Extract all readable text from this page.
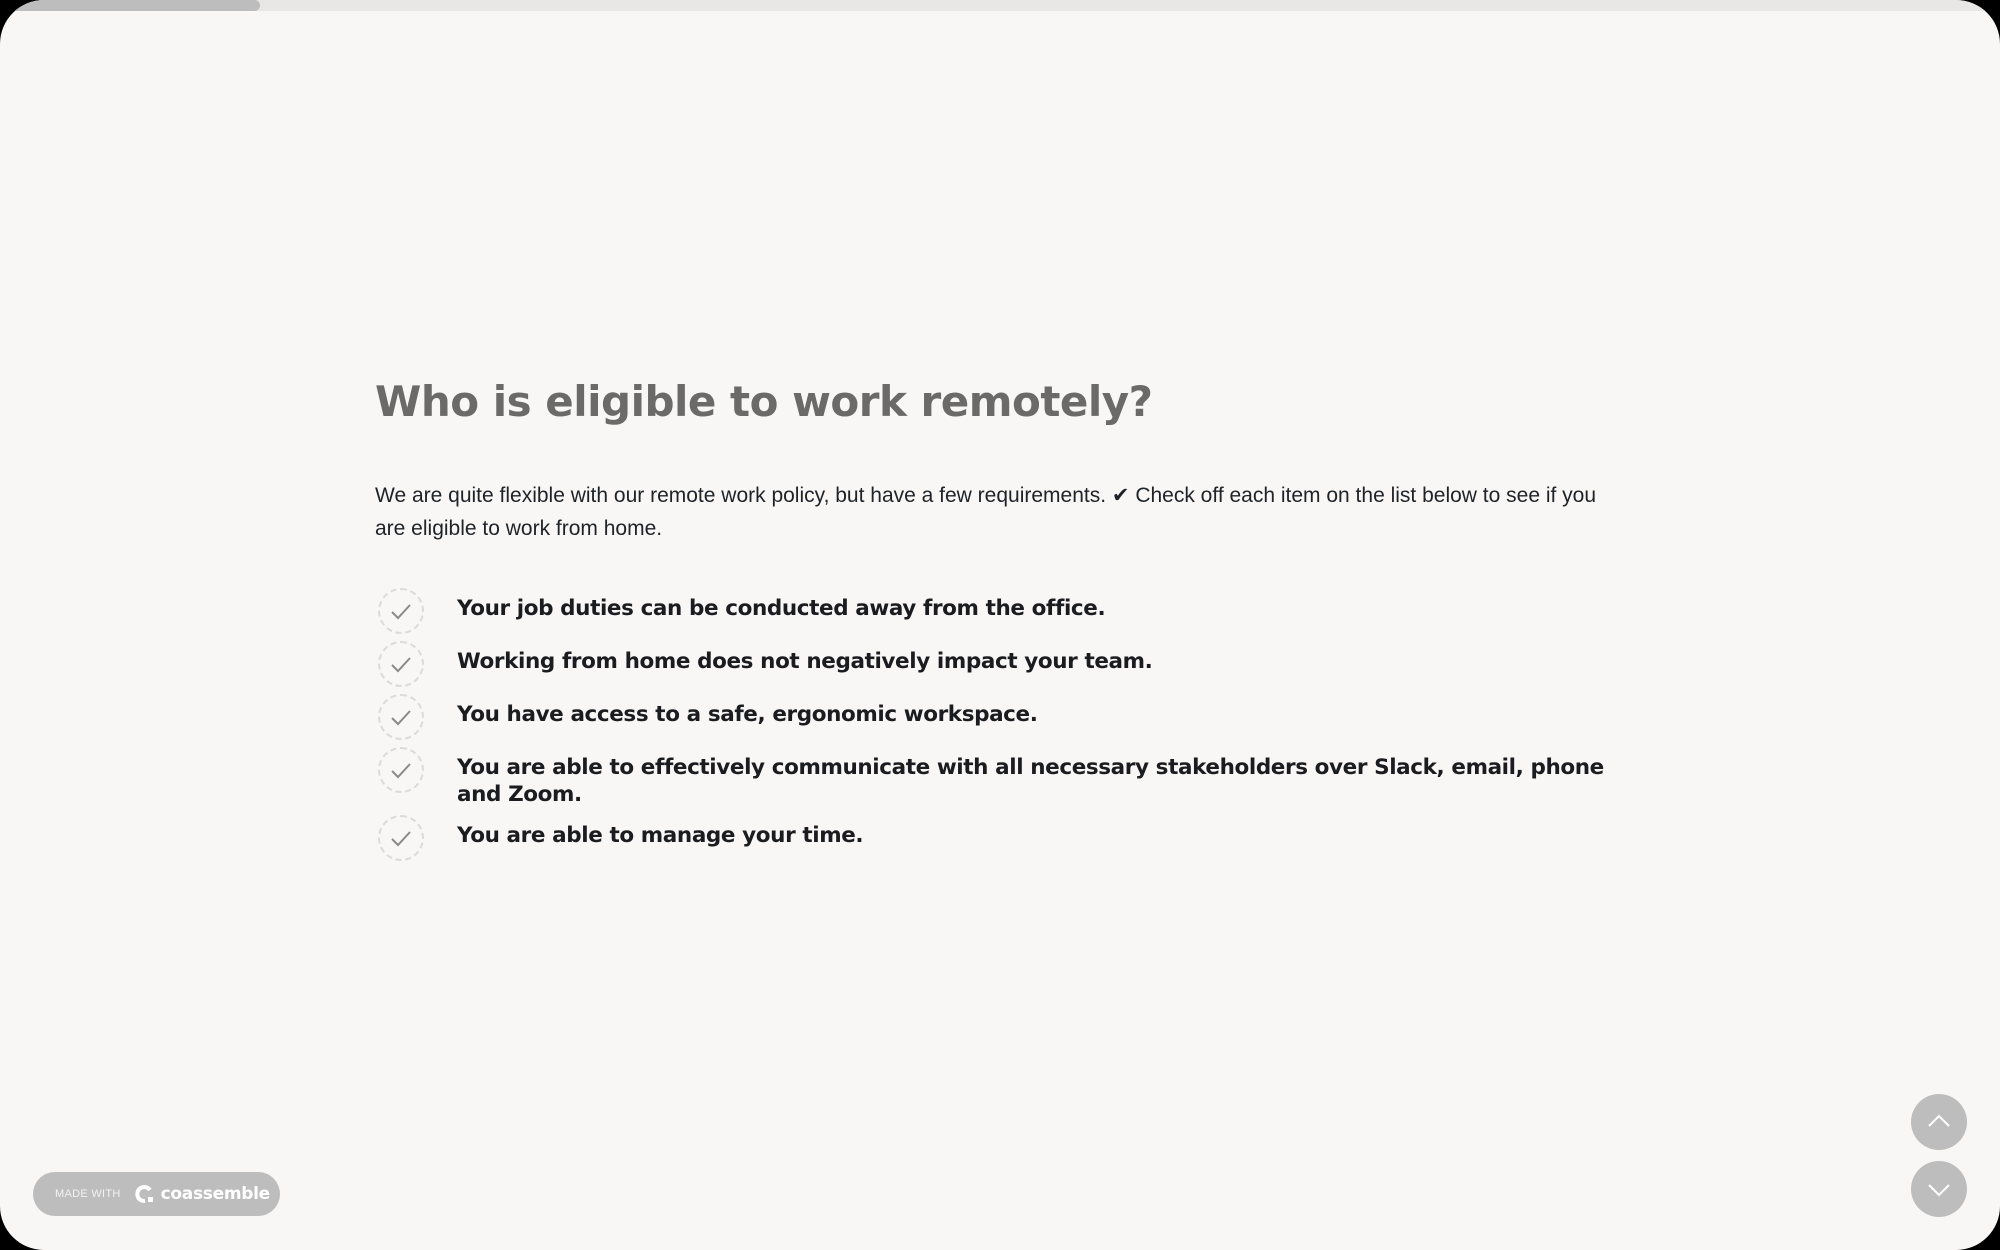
Who is eligible to work remotely?

We are quite flexible with our remote work policy, but have a few requirements. ✔ Check off each item on the list below to see if you are eligible to work from home.

Your job duties can be conducted away from the office.
Working from home does not negatively impact your team.
You have access to a safe, ergonomic workspace.
You are able to effectively communicate with all necessary stakeholders over Slack, email, phone and Zoom.
You are able to manage your time.
MADE WITH coassemble
